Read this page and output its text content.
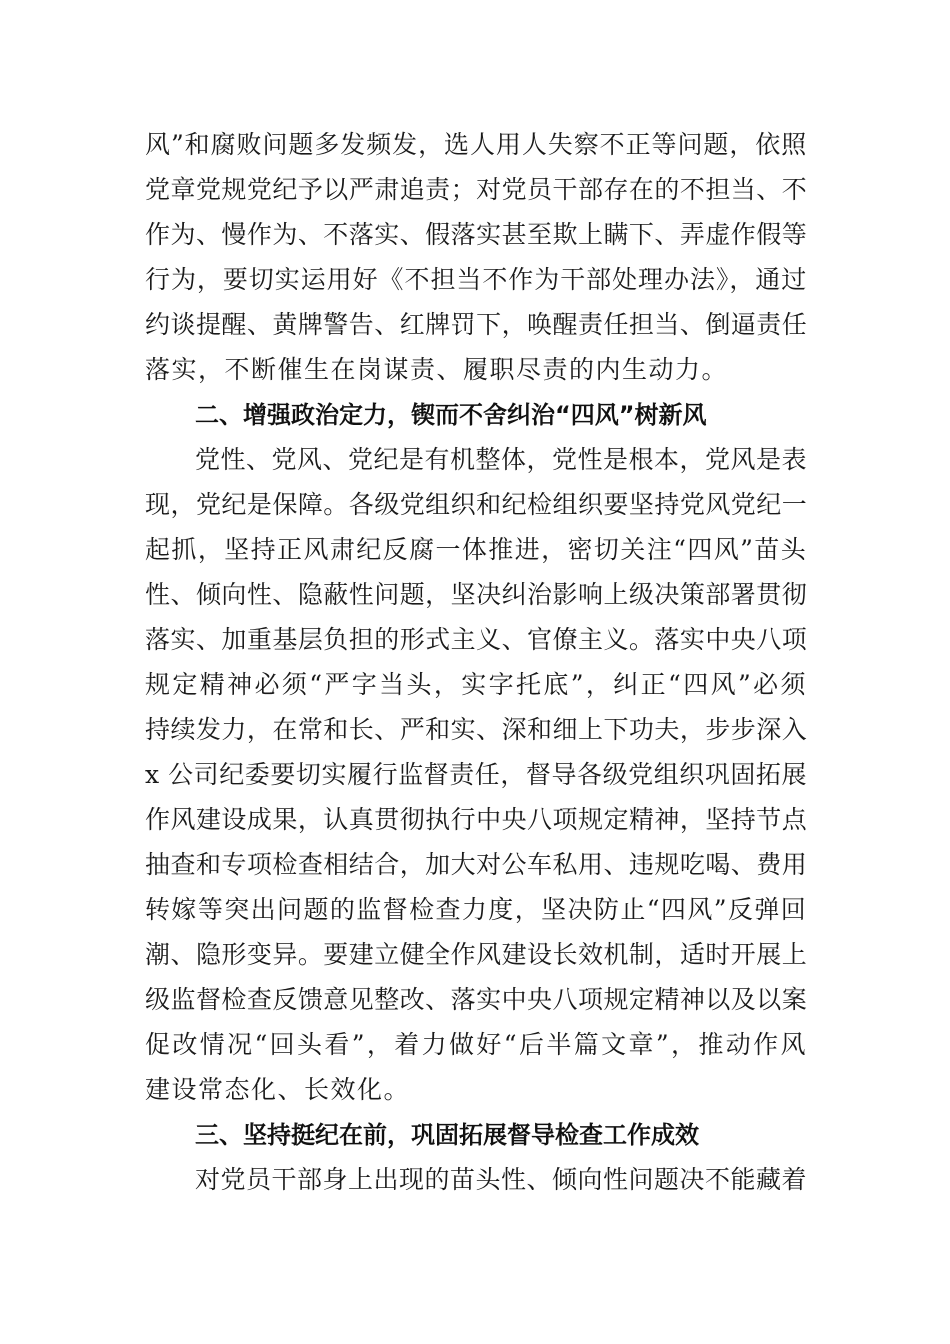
风”和腐败问题多发频发，选人用人失察不正等问题，依照
党章党规党纪予以严肃追责；对党员干部存在的不担当、不
作为、慢作为、不落实、假落实甚至欺上瞒下、弄虚作假等
行为，要切实运用好《不担当不作为干部处理办法》，通过
约谈提醒、黄牌警告、红牌罚下，唤醒责任担当、倒逼责任
落实，不断催生在岗谋责、履职尽责的内生动力。
二、增强政治定力，锲而不舍纠治“四风”树新风
党性、党风、党纪是有机整体，党性是根本，党风是表
现，党纪是保障。各级党组织和纪检组织要坚持党风党纪一
起抓，坚持正风肃纪反腐一体推进，密切关注“四风”苗头
性、倾向性、隐蔽性问题，坚决纠治影响上级决策部署贯彻
落实、加重基层负担的形式主义、官僚主义。落实中央八项
规定精神必须“严字当头，实字托底”，纠正“四风”必须
持续发力，在常和长、严和实、深和细上下功夫，步步深入
x 公司纪委要切实履行监督责任，督导各级党组织巩固拓展
作风建设成果，认真贯彻执行中央八项规定精神，坚持节点
抽查和专项检查相结合，加大对公车私用、违规吃喝、费用
转嫁等突出问题的监督检查力度，坚决防止“四风”反弹回
潮、隐形变异。要建立健全作风建设长效机制，适时开展上
级监督检查反馈意见整改、落实中央八项规定精神以及以案
促改情况“回头看”，着力做好“后半篇文章”，推动作风
建设常态化、长效化。
三、坚持挺纪在前，巩固拓展督导检查工作成效
对党员干部身上出现的苗头性、倾向性问题决不能藏着
